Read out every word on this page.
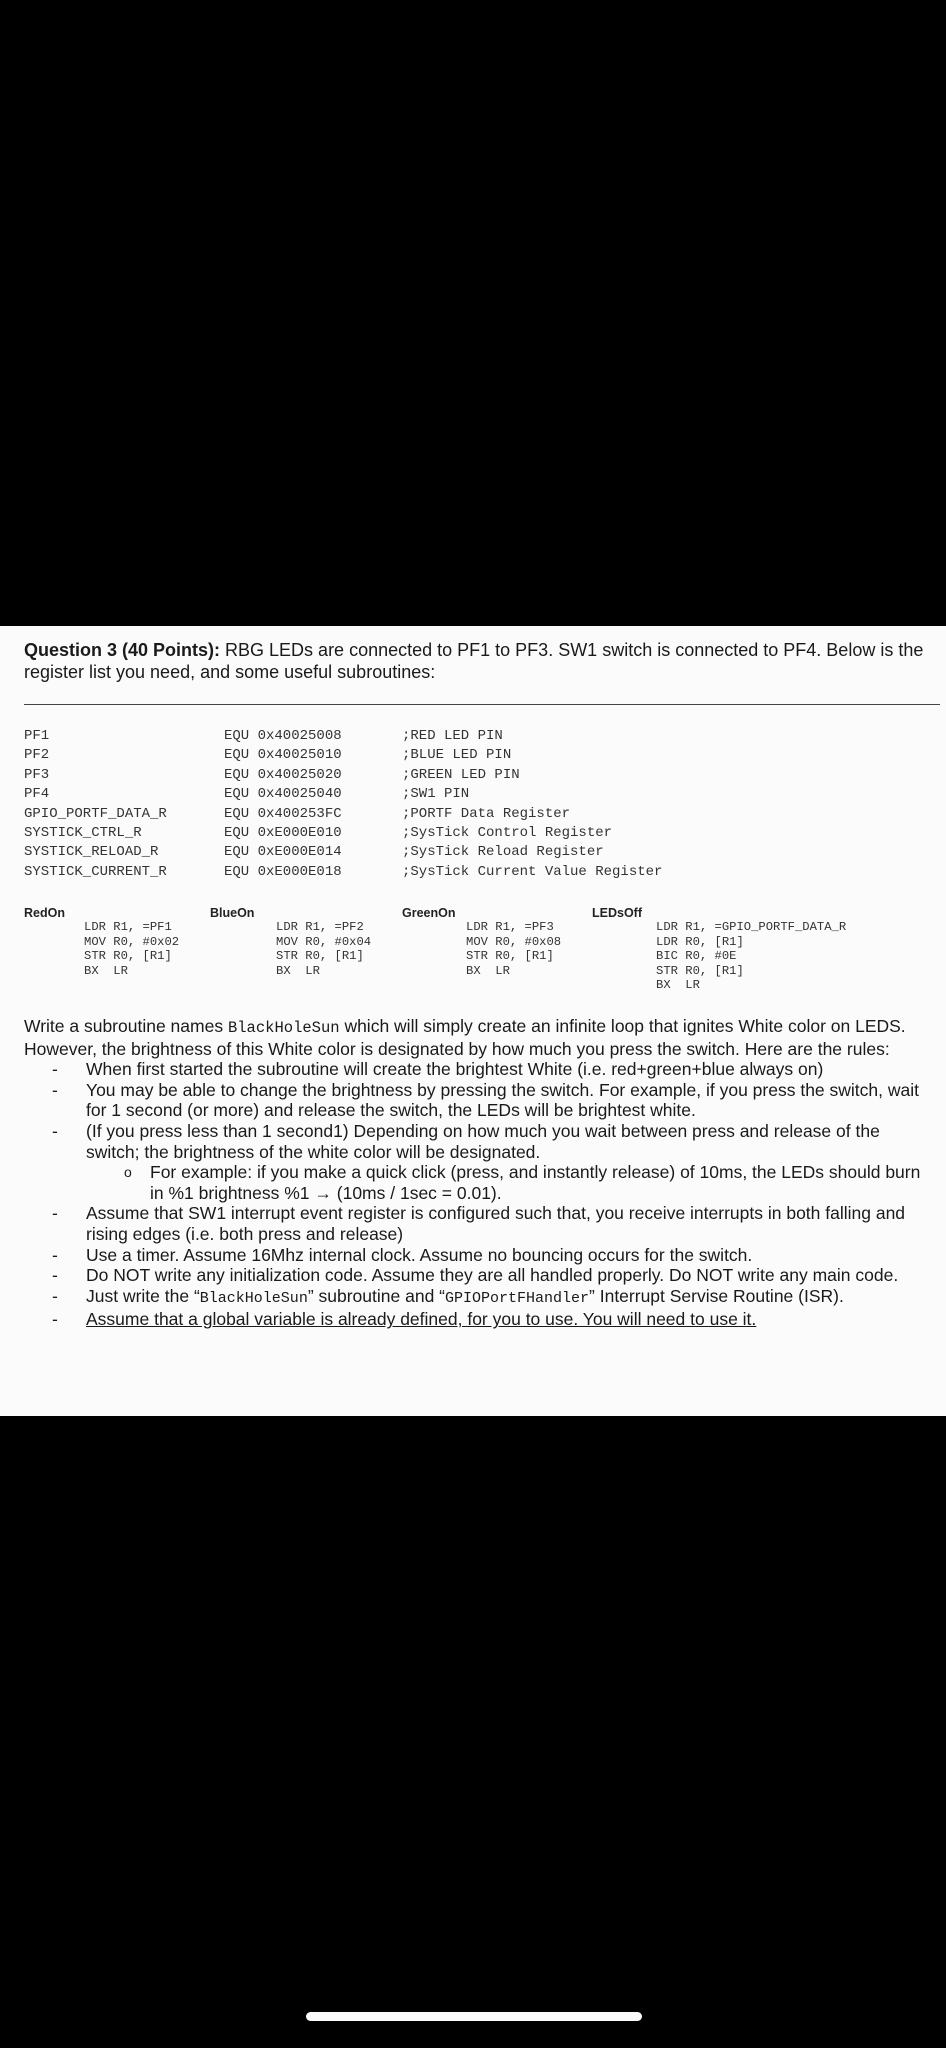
Question 3 (40 Points): RBG LEDs are connected to PF1 to PF3. SW1 switch is connected to PF4. Below is the register list you need, and some useful subroutines:
PF1	EQU 0x40025008	;RED LED PIN
PF2	EQU 0x40025010	;BLUE LED PIN
PF3	EQU 0x40025020	;GREEN LED PIN
PF4	EQU 0x40025040	;SW1 PIN
GPIO_PORTF_DATA_R	EQU 0x400253FC	;PORTF Data Register
SYSTICK_CTRL_R	EQU 0xE000E010	;SysTick Control Register
SYSTICK_RELOAD_R	EQU 0xE000E014	;SysTick Reload Register
SYSTICK_CURRENT_R	EQU 0xE000E018	;SysTick Current Value Register
RedOn
LDR R1, =PF1
MOV R0, #0x02
STR R0, [R1]
BX  LR
BlueOn
LDR R1, =PF2
MOV R0, #0x04
STR R0, [R1]
BX  LR
GreenOn
LDR R1, =PF3
MOV R0, #0x08
STR R0, [R1]
BX  LR
LEDsOff
LDR R1, =GPIO_PORTF_DATA_R
LDR R0, [R1]
BIC R0, #0E
STR R0, [R1]
BX  LR

Write a subroutine names BlackHoleSun which will simply create an infinite loop that ignites White color on LEDS. However, the brightness of this White color is designated by how much you press the switch. Here are the rules:

- When first started the subroutine will create the brightest White (i.e. red+green+blue always on)
- You may be able to change the brightness by pressing the switch. For example, if you press the switch, wait for 1 second (or more) and release the switch, the LEDs will be brightest white.
- (If you press less than 1 second1) Depending on how much you wait between press and release of the switch; the brightness of the white color will be designated.
o For example: if you make a quick click (press, and instantly release) of 10ms, the LEDs should burn in %1 brightness %1 → (10ms / 1sec = 0.01).
- Assume that SW1 interrupt event register is configured such that, you receive interrupts in both falling and rising edges (i.e. both press and release)
- Use a timer. Assume 16Mhz internal clock. Assume no bouncing occurs for the switch.
- Do NOT write any initialization code. Assume they are all handled properly. Do NOT write any main code.
- Just write the “BlackHoleSun” subroutine and “GPIOPortFHandler” Interrupt Servise Routine (ISR).
- Assume that a global variable is already defined, for you to use. You will need to use it.
